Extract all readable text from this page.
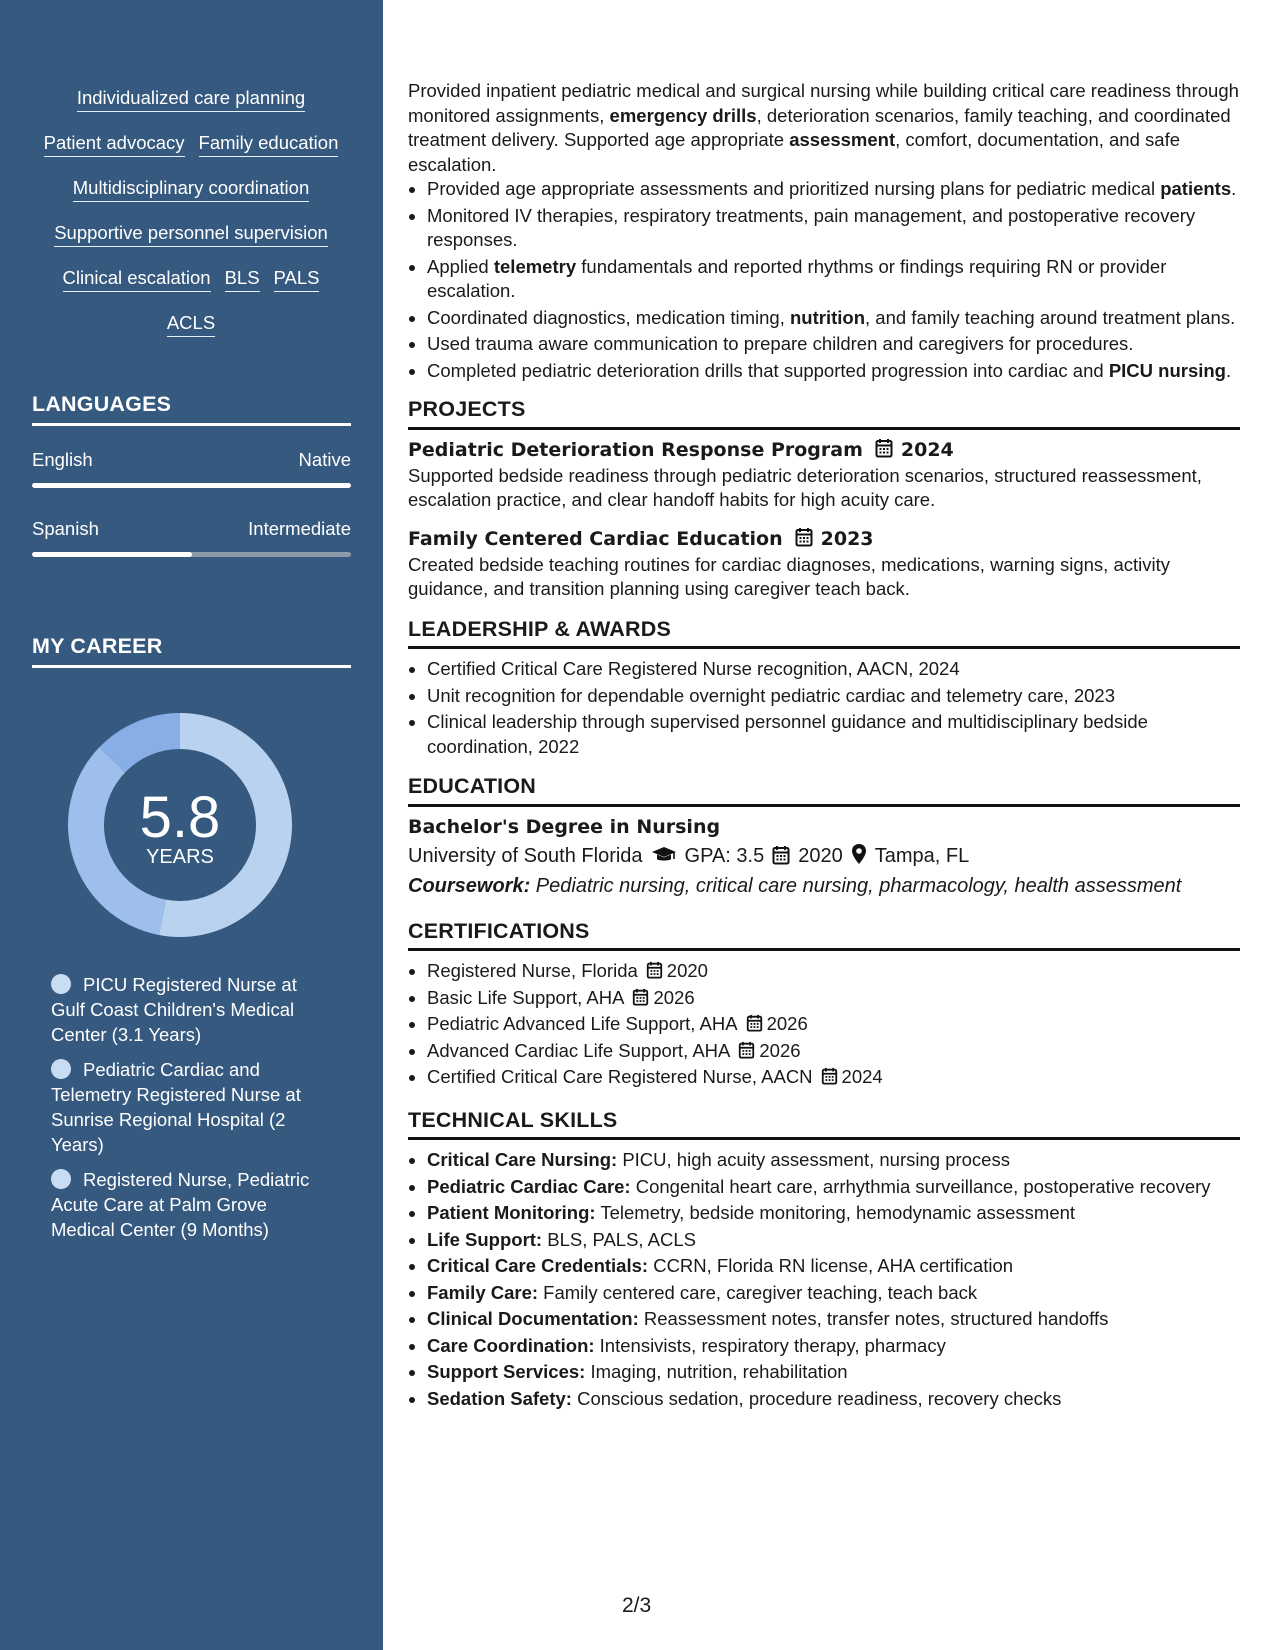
Individualized care planning
Patient advocacy Family education
Multidisciplinary coordination
Supportive personnel supervision
Clinical escalation BLS PALS
ACLS
LANGUAGES
English	Native
Spanish	Intermediate
MY CAREER
5.8
YEARS
PICU Registered Nurse at Gulf Coast Children's Medical Center (3.1 Years)
Pediatric Cardiac and Telemetry Registered Nurse at Sunrise Regional Hospital (2 Years)
Registered Nurse, Pediatric Acute Care at Palm Grove Medical Center (9 Months)

Provided inpatient pediatric medical and surgical nursing while building critical care readiness through monitored assignments, emergency drills, deterioration scenarios, family teaching, and coordinated treatment delivery. Supported age appropriate assessment, comfort, documentation, and safe escalation.

• Provided age appropriate assessments and prioritized nursing plans for pediatric medical patients.
• Monitored IV therapies, respiratory treatments, pain management, and postoperative recovery responses.
• Applied telemetry fundamentals and reported rhythms or findings requiring RN or provider escalation.
• Coordinated diagnostics, medication timing, nutrition, and family teaching around treatment plans.
• Used trauma aware communication to prepare children and caregivers for procedures.
• Completed pediatric deterioration drills that supported progression into cardiac and PICU nursing.
PROJECTS
Pediatric Deterioration Response Program 2024

Supported bedside readiness through pediatric deterioration scenarios, structured reassessment, escalation practice, and clear handoff habits for high acuity care.

Family Centered Cardiac Education 2023

Created bedside teaching routines for cardiac diagnoses, medications, warning signs, activity guidance, and transition planning using caregiver teach back.

LEADERSHIP & AWARDS
• Certified Critical Care Registered Nurse recognition, AACN, 2024
• Unit recognition for dependable overnight pediatric cardiac and telemetry care, 2023
• Clinical leadership through supervised personnel guidance and multidisciplinary bedside coordination, 2022
EDUCATION
Bachelor's Degree in Nursing
University of South Florida GPA: 3.5 2020 Tampa, FL
Coursework: Pediatric nursing, critical care nursing, pharmacology, health assessment
CERTIFICATIONS
• Registered Nurse, Florida 2020
• Basic Life Support, AHA 2026
• Pediatric Advanced Life Support, AHA 2026
• Advanced Cardiac Life Support, AHA 2026
• Certified Critical Care Registered Nurse, AACN 2024
TECHNICAL SKILLS
• Critical Care Nursing: PICU, high acuity assessment, nursing process
• Pediatric Cardiac Care: Congenital heart care, arrhythmia surveillance, postoperative recovery
• Patient Monitoring: Telemetry, bedside monitoring, hemodynamic assessment
• Life Support: BLS, PALS, ACLS
• Critical Care Credentials: CCRN, Florida RN license, AHA certification
• Family Care: Family centered care, caregiver teaching, teach back
• Clinical Documentation: Reassessment notes, transfer notes, structured handoffs
• Care Coordination: Intensivists, respiratory therapy, pharmacy
• Support Services: Imaging, nutrition, rehabilitation
• Sedation Safety: Conscious sedation, procedure readiness, recovery checks
2/3
